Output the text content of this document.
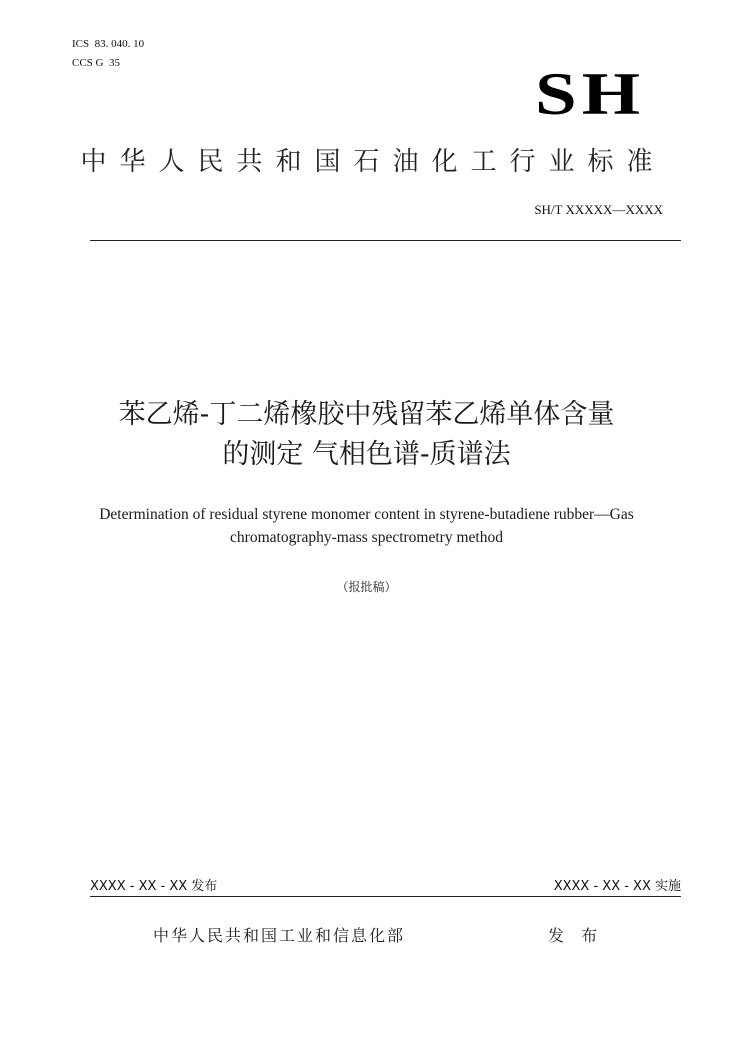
ICS  83. 040. 10
CCS G  35	SH
中华人民共和国石油化工行业标准
SH/T XXXXX—XXXX
苯乙烯-丁二烯橡胶中残留苯乙烯单体含量
的测定 气相色谱-质谱法
Determination of residual styrene monomer content in styrene-butadiene rubber—Gas
chromatography-mass spectrometry method
（报批稿）
XXXX - XX - XX 发布	XXXX - XX - XX 实施
中华人民共和国工业和信息化部	发 布
